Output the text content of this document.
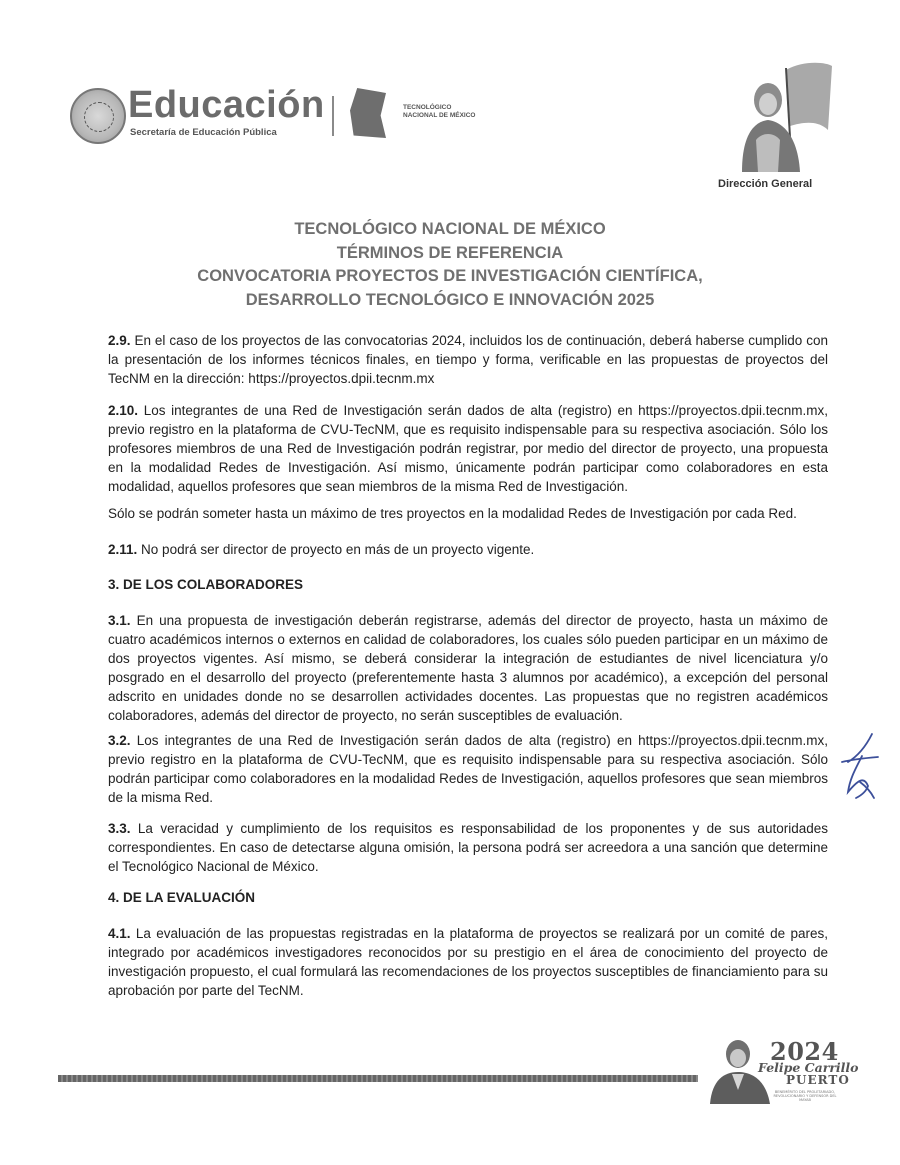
Educación
Secretaría de Educación Pública
TECNOLÓGICO
NACIONAL DE MÉXICO
Dirección General
TECNOLÓGICO NACIONAL DE MÉXICO
TÉRMINOS DE REFERENCIA
CONVOCATORIA PROYECTOS DE INVESTIGACIÓN CIENTÍFICA,
DESARROLLO TECNOLÓGICO E INNOVACIÓN 2025
2.9. En el caso de los proyectos de las convocatorias 2024, incluidos los de continuación, deberá haberse cumplido con la presentación de los informes técnicos finales, en tiempo y forma, verificable en las propuestas de proyectos del TecNM en la dirección: https://proyectos.dpii.tecnm.mx
2.10. Los integrantes de una Red de Investigación serán dados de alta (registro) en https://proyectos.dpii.tecnm.mx, previo registro en la plataforma de CVU-TecNM, que es requisito indispensable para su respectiva asociación. Sólo los profesores miembros de una Red de Investigación podrán registrar, por medio del director de proyecto, una propuesta en la modalidad Redes de Investigación. Así mismo, únicamente podrán participar como colaboradores en esta modalidad, aquellos profesores que sean miembros de la misma Red de Investigación.
Sólo se podrán someter hasta un máximo de tres proyectos en la modalidad Redes de Investigación por cada Red.
2.11. No podrá ser director de proyecto en más de un proyecto vigente.
3. DE LOS COLABORADORES
3.1. En una propuesta de investigación deberán registrarse, además del director de proyecto, hasta un máximo de cuatro académicos internos o externos en calidad de colaboradores, los cuales sólo pueden participar en un máximo de dos proyectos vigentes. Así mismo, se deberá considerar la integración de estudiantes de nivel licenciatura y/o posgrado en el desarrollo del proyecto (preferentemente hasta 3 alumnos por académico), a excepción del personal adscrito en unidades donde no se desarrollen actividades docentes. Las propuestas que no registren académicos colaboradores, además del director de proyecto, no serán susceptibles de evaluación.
3.2. Los integrantes de una Red de Investigación serán dados de alta (registro) en https://proyectos.dpii.tecnm.mx, previo registro en la plataforma de CVU-TecNM, que es requisito indispensable para su respectiva asociación. Sólo podrán participar como colaboradores en la modalidad Redes de Investigación, aquellos profesores que sean miembros de la misma Red.
3.3. La veracidad y cumplimiento de los requisitos es responsabilidad de los proponentes y de sus autoridades correspondientes. En caso de detectarse alguna omisión, la persona podrá ser acreedora a una sanción que determine el Tecnológico Nacional de México.
4. DE LA EVALUACIÓN
4.1. La evaluación de las propuestas registradas en la plataforma de proyectos se realizará por un comité de pares, integrado por académicos investigadores reconocidos por su prestigio en el área de conocimiento del proyecto de investigación propuesto, el cual formulará las recomendaciones de los proyectos susceptibles de financiamiento para su aprobación por parte del TecNM.
2024
Felipe Carrillo
PUERTO
BENEMÉRITO DEL PROLETARIADO, REVOLUCIONARIO Y DEFENSOR DEL MAYAB
